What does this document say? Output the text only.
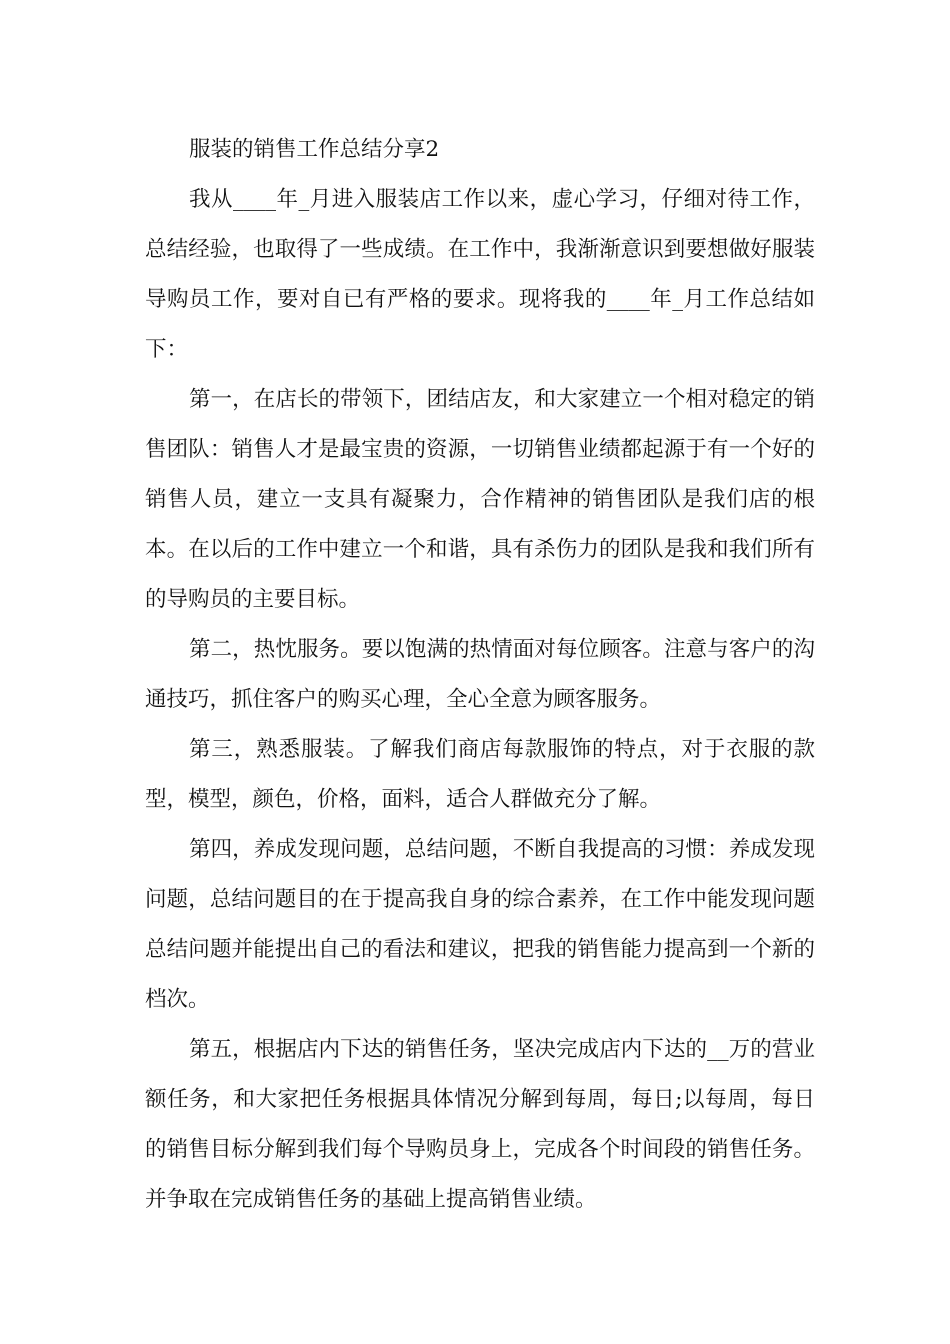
服装的销售工作总结分享2

我从____年_月进入服装店工作以来，虚心学习，仔细对待工作，总结经验，也取得了一些成绩。在工作中，我渐渐意识到要想做好服装导购员工作，要对自已有严格的要求。现将我的____年_月工作总结如下：

第一，在店长的带领下，团结店友，和大家建立一个相对稳定的销售团队：销售人才是最宝贵的资源，一切销售业绩都起源于有一个好的销售人员，建立一支具有凝聚力，合作精神的销售团队是我们店的根本。在以后的工作中建立一个和谐，具有杀伤力的团队是我和我们所有的导购员的主要目标。

第二，热忱服务。要以饱满的热情面对每位顾客。注意与客户的沟通技巧，抓住客户的购买心理，全心全意为顾客服务。

第三，熟悉服装。了解我们商店每款服饰的特点，对于衣服的款型，模型，颜色，价格，面料，适合人群做充分了解。

第四，养成发现问题，总结问题，不断自我提高的习惯：养成发现问题，总结问题目的在于提高我自身的综合素养，在工作中能发现问题总结问题并能提出自己的看法和建议，把我的销售能力提高到一个新的档次。

第五，根据店内下达的销售任务，坚决完成店内下达的__万的营业额任务，和大家把任务根据具体情况分解到每周，每日;以每周，每日的销售目标分解到我们每个导购员身上，完成各个时间段的销售任务。并争取在完成销售任务的基础上提高销售业绩。
